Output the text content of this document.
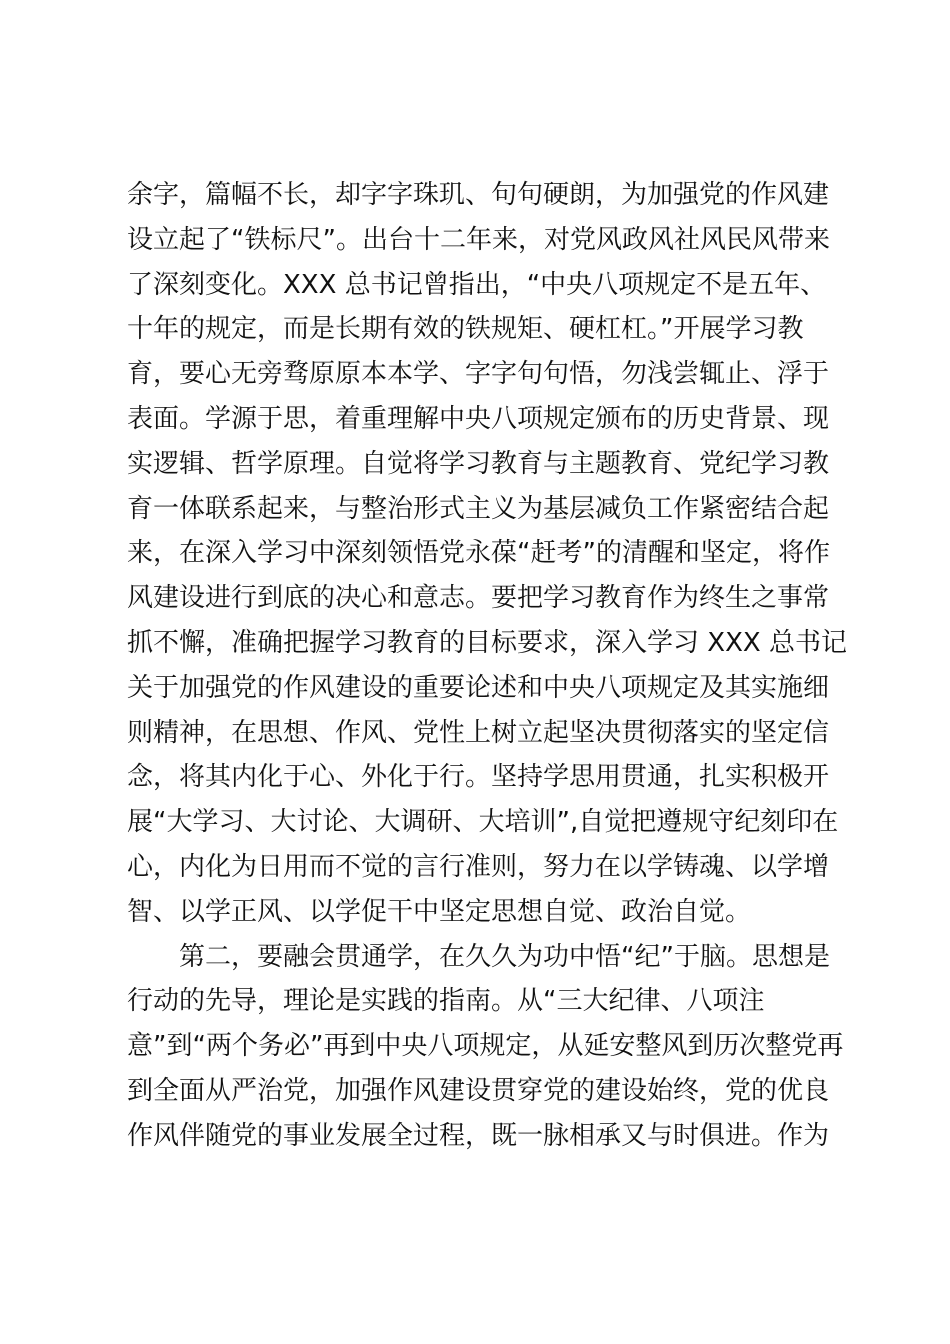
余字，篇幅不长，却字字珠玑、句句硬朗，为加强党的作风建
设立起了“铁标尺”。出台十二年来，对党风政风社风民风带来
了深刻变化。XXX 总书记曾指出，“中央八项规定不是五年、
十年的规定，而是长期有效的铁规矩、硬杠杠。”开展学习教
育，要心无旁骛原原本本学、字字句句悟，勿浅尝辄止、浮于
表面。学源于思，着重理解中央八项规定颁布的历史背景、现
实逻辑、哲学原理。自觉将学习教育与主题教育、党纪学习教
育一体联系起来，与整治形式主义为基层减负工作紧密结合起
来，在深入学习中深刻领悟党永葆“赶考”的清醒和坚定，将作
风建设进行到底的决心和意志。要把学习教育作为终生之事常
抓不懈，准确把握学习教育的目标要求，深入学习 XXX 总书记
关于加强党的作风建设的重要论述和中央八项规定及其实施细
则精神，在思想、作风、党性上树立起坚决贯彻落实的坚定信
念，将其内化于心、外化于行。坚持学思用贯通，扎实积极开
展“大学习、大讨论、大调研、大培训”,自觉把遵规守纪刻印在
心，内化为日用而不觉的言行准则，努力在以学铸魂、以学增
智、以学正风、以学促干中坚定思想自觉、政治自觉。
第二，要融会贯通学，在久久为功中悟“纪”于脑。思想是
行动的先导，理论是实践的指南。从“三大纪律、八项注
意”到“两个务必”再到中央八项规定，从延安整风到历次整党再
到全面从严治党，加强作风建设贯穿党的建设始终，党的优良
作风伴随党的事业发展全过程，既一脉相承又与时俱进。作为
